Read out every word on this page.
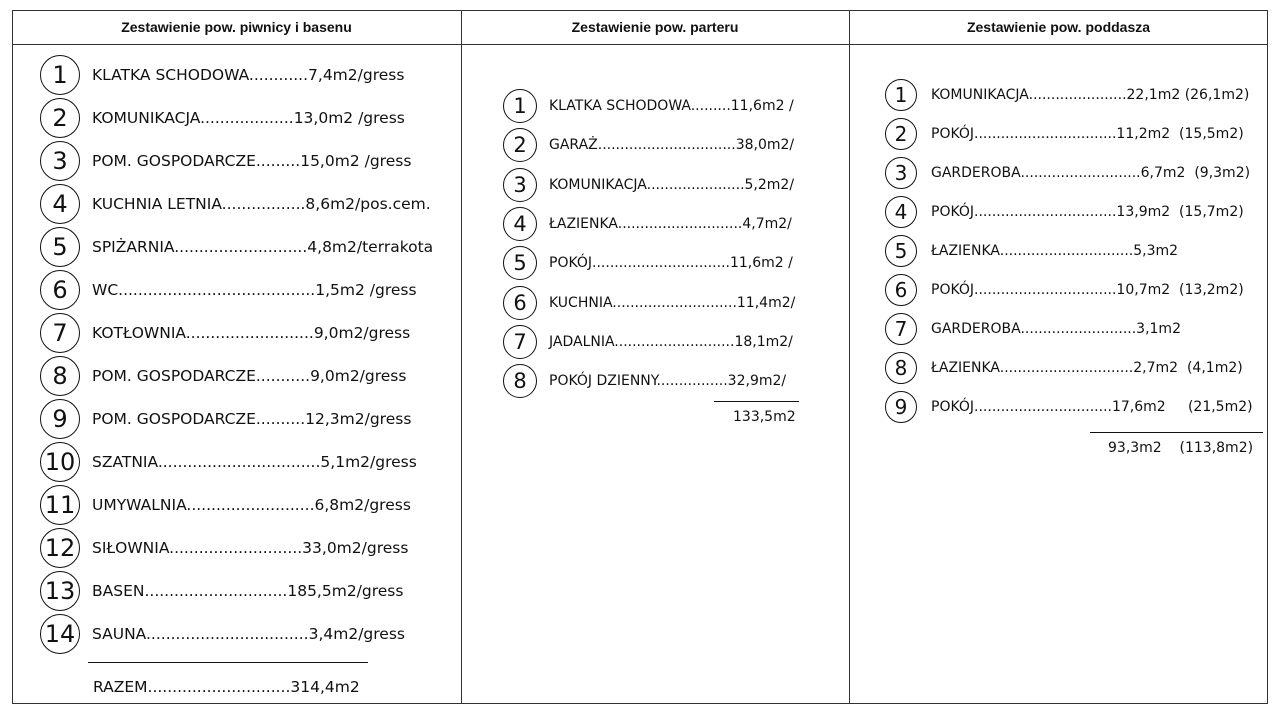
Zestawienie pow. piwnicy i basenu	Zestawienie pow. parteru	Zestawienie pow. poddasza
1	KLATKA SCHODOWA............7,4m2/gress
2	KOMUNIKACJA...................13,0m2 /gress
3	POM. GOSPODARCZE.........15,0m2 /gress
4	KUCHNIA LETNIA.................8,6m2/pos.cem.
5	SPIŻARNIA...........................4,8m2/terrakota
6	WC........................................1,5m2 /gress
7	KOTŁOWNIA..........................9,0m2/gress
8	POM. GOSPODARCZE...........9,0m2/gress
9	POM. GOSPODARCZE..........12,3m2/gress
10	SZATNIA.................................5,1m2/gress
11	UMYWALNIA..........................6,8m2/gress
12	SIŁOWNIA...........................33,0m2/gress
13	BASEN.............................185,5m2/gress
14	SAUNA.................................3,4m2/gress
1	KLATKA SCHODOWA.........11,6m2 /
2	GARAŻ...............................38,0m2/
3	KOMUNIKACJA......................5,2m2/
4	ŁAZIENKA............................4,7m2/
5	POKÓJ...............................11,6m2 /
6	KUCHNIA............................11,4m2/
7	JADALNIA...........................18,1m2/
8	POKÓJ DZIENNY................32,9m2/
1	KOMUNIKACJA......................22,1m2 (26,1m2)
2	POKÓJ................................11,2m2  (15,5m2)
3	GARDEROBA...........................6,7m2  (9,3m2)
4	POKÓJ................................13,9m2  (15,7m2)
5	ŁAZIENKA..............................5,3m2
6	POKÓJ................................10,7m2  (13,2m2)
7	GARDEROBA..........................3,1m2
8	ŁAZIENKA..............................2,7m2  (4,1m2)
9	POKÓJ...............................17,6m2     (21,5m2)
RAZEM.............................314,4m2
133,5m2
93,3m2    (113,8m2)
